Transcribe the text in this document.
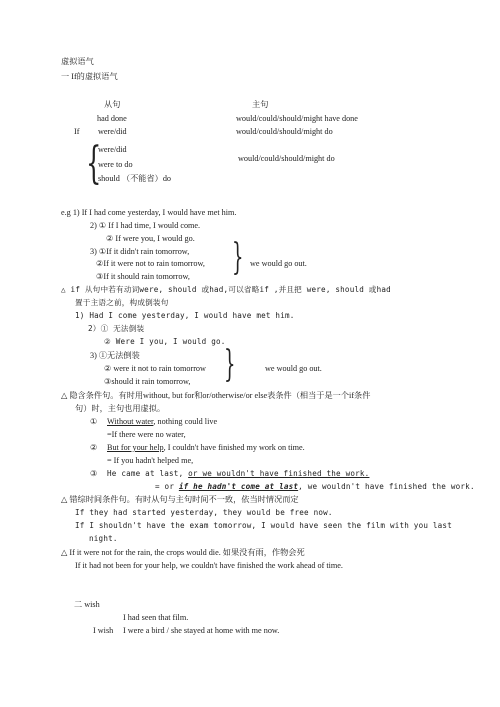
虚拟语气
一 If的虚拟语气
从句	主句
had done	would/could/should/might have done
If were/did	would/could/should/might do
{
were/did
were to do
should （不能省）do
would/could/should/might do
e.g 1) If I had come yesterday, I would have met him.
2) ① If I had time, I would come.
② If were you, I would go.
3) ①If it didn't rain tomorrow,
②If it were not to rain tomorrow,
③If it should rain tomorrow, } we would go out.
△ if 从句中若有动词were, should 或had,可以省略if ,并且把 were, should 或had
置于主语之前，构成倒装句
1) Had I come yesterday, I would have met him.
2）① 无法倒装
② Were I you, I would go.
3) ①无法倒装
② were it not to rain tomorrow
③should it rain tomorrow, }	we would go out.
△ 隐含条件句。有时用without, but for和or/otherwise/or else表条件（相当于是一个if条件
句）时，主句也用虚拟。
① Without water, nothing could live
=If there were no water,
② But for your help, I couldn't have finished my work on time.
= If you hadn't helped me,
③ He came at last, or we wouldn't have finished the work.
= or if he hadn't come at last, we wouldn't have finished the work.
△ 错综时间条件句。有时从句与主句时间不一致，依当时情况而定
If they had started yesterday, they would be free now.
If I shouldn't have the exam tomorrow, I would have seen the film with you last
night.
△ If it were not for the rain, the crops would die. 如果没有雨，作物会死
If it had not been for your help, we couldn't have finished the work ahead of time.
二 wish
I had seen that film.
I wish I were a bird / she stayed at home with me now.
